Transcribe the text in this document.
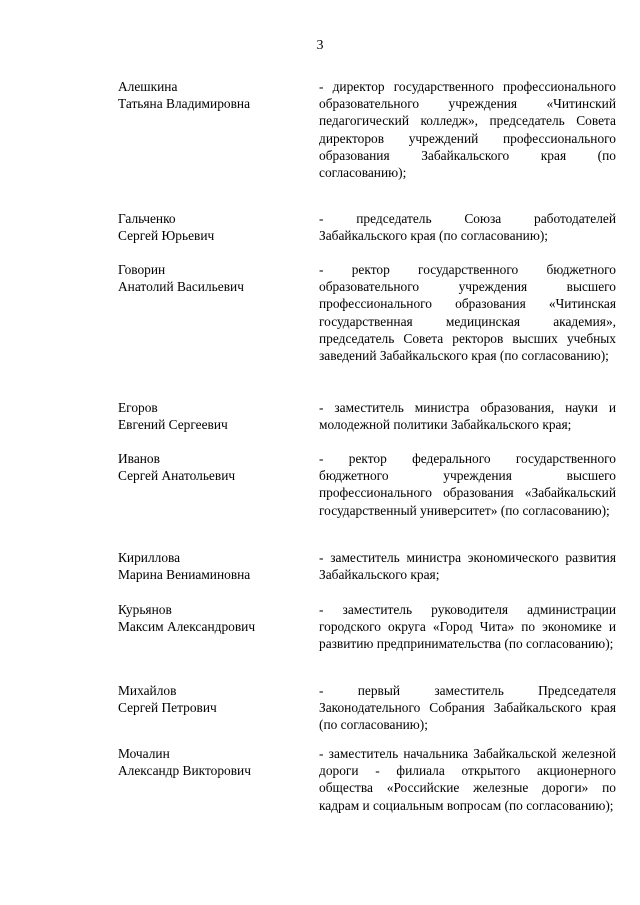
3
Алешкина
Татьяна Владимировна
- директор государственного профессионального образовательного учреждения «Читинский педагогический колледж», председатель Совета директоров учреждений профессионального образования Забайкальского края (по согласованию);
Гальченко
Сергей Юрьевич
- председатель Союза работодателей Забайкальского края (по согласованию);
Говорин
Анатолий Васильевич
- ректор государственного бюджетного образовательного учреждения высшего профессионального образования «Читинская государственная медицинская академия», председатель Совета ректоров высших учебных заведений Забайкальского края (по согласованию);
Егоров
Евгений Сергеевич
- заместитель министра образования, науки и молодежной политики Забайкальского края;
Иванов
Сергей Анатольевич
- ректор федерального государственного бюджетного учреждения высшего профессионального образования «Забайкальский государственный университет» (по согласованию);
Кириллова
Марина Вениаминовна
- заместитель министра экономического развития Забайкальского края;
Курьянов
Максим Александрович
- заместитель руководителя администрации городского округа «Город Чита» по экономике и развитию предпринимательства (по согласованию);
Михайлов
Сергей Петрович
- первый заместитель Председателя Законодательного Собрания Забайкальского края (по согласованию);
Мочалин
Александр Викторович
- заместитель начальника Забайкальской железной дороги - филиала открытого акционерного общества «Российские железные дороги» по кадрам и социальным вопросам (по согласованию);
